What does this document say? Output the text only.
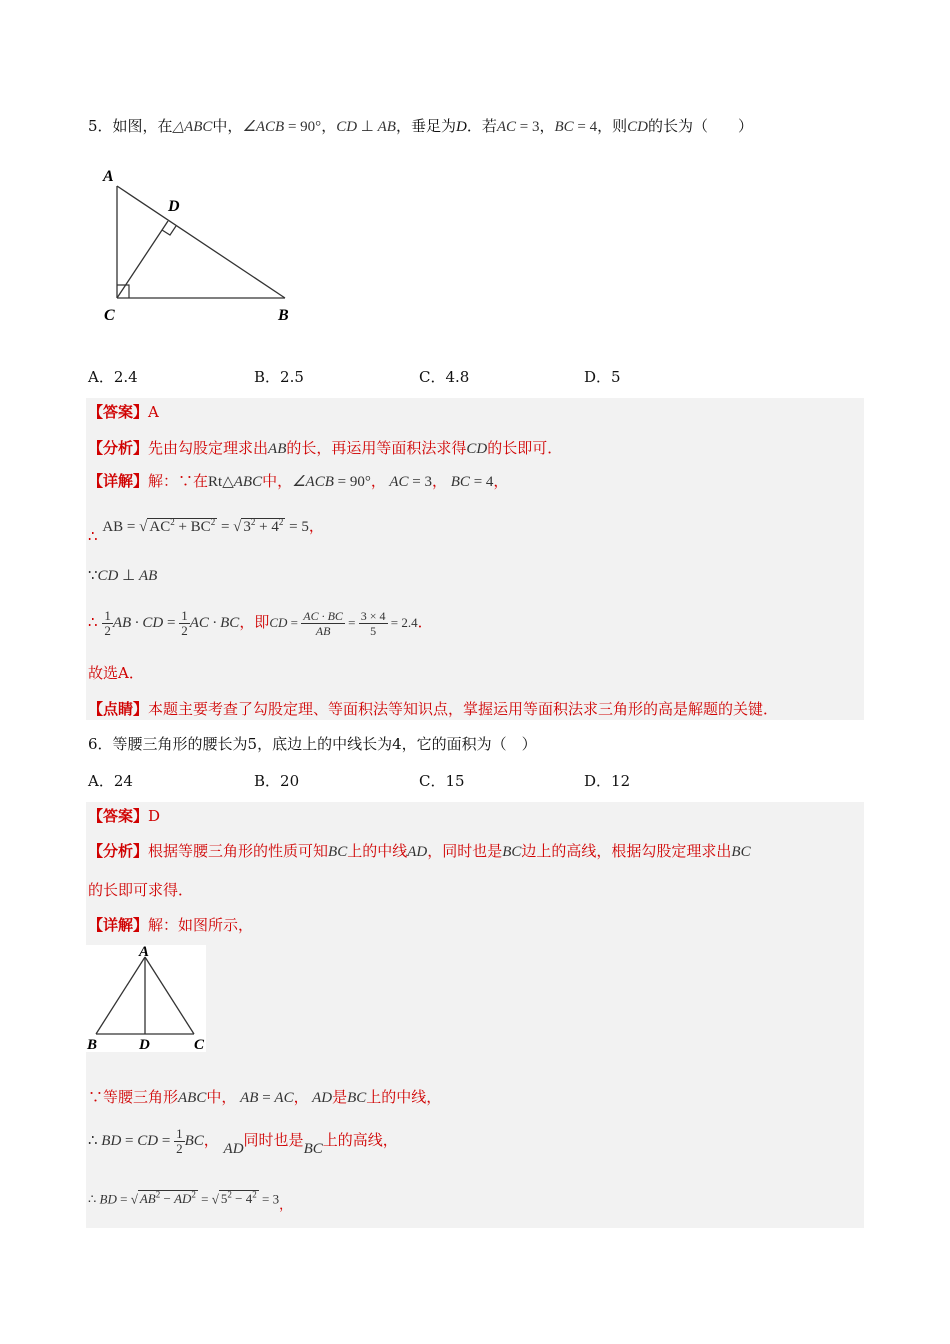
5．如图，在△ABC中，∠ACB = 90°，CD ⊥ AB，垂足为D．若AC = 3，BC = 4，则CD的长为（　　）
A
D
C	B
A．2.4	B．2.5	C．4.8	D．5
【答案】A
【分析】先由勾股定理求出AB的长，再运用等面积法求得CD的长即可．
【详解】解：∵在Rt△ABC中，∠ACB = 90°， AC = 3， BC = 4，
∴ AB = √ $AC^2 + BC^2$ = √ $3^2 + 4^2 = 5$，
∵CD ⊥ AB
∴ $\frac{1}{2}$ AB · CD = $\frac{1}{2}$ AC · BC，即CD = $\frac{AC \cdot BC}{AB} = \frac{3 \times 4}{5} = 2.4$．
故选A．
【点睛】本题主要考查了勾股定理、等面积法等知识点，掌握运用等面积法求三角形的高是解题的关键．
6．等腰三角形的腰长为5，底边上的中线长为4，它的面积为（　）
A．24	B．20	C．15	D．12
【答案】D
【分析】根据等腰三角形的性质可知BC上的中线AD，同时也是BC边上的高线，根据勾股定理求出BC
的长即可求得．
【详解】解：如图所示，
A
B	D	C
∵等腰三角形ABC中， AB = AC， AD是BC上的中线，
∴ BD = CD = $\frac{1}{2}$ BC， AD同时也是BC上的高线，
∴ BD = √ $AB^2 - AD^2$ = √ $5^2 - 4^2 = 3$，
